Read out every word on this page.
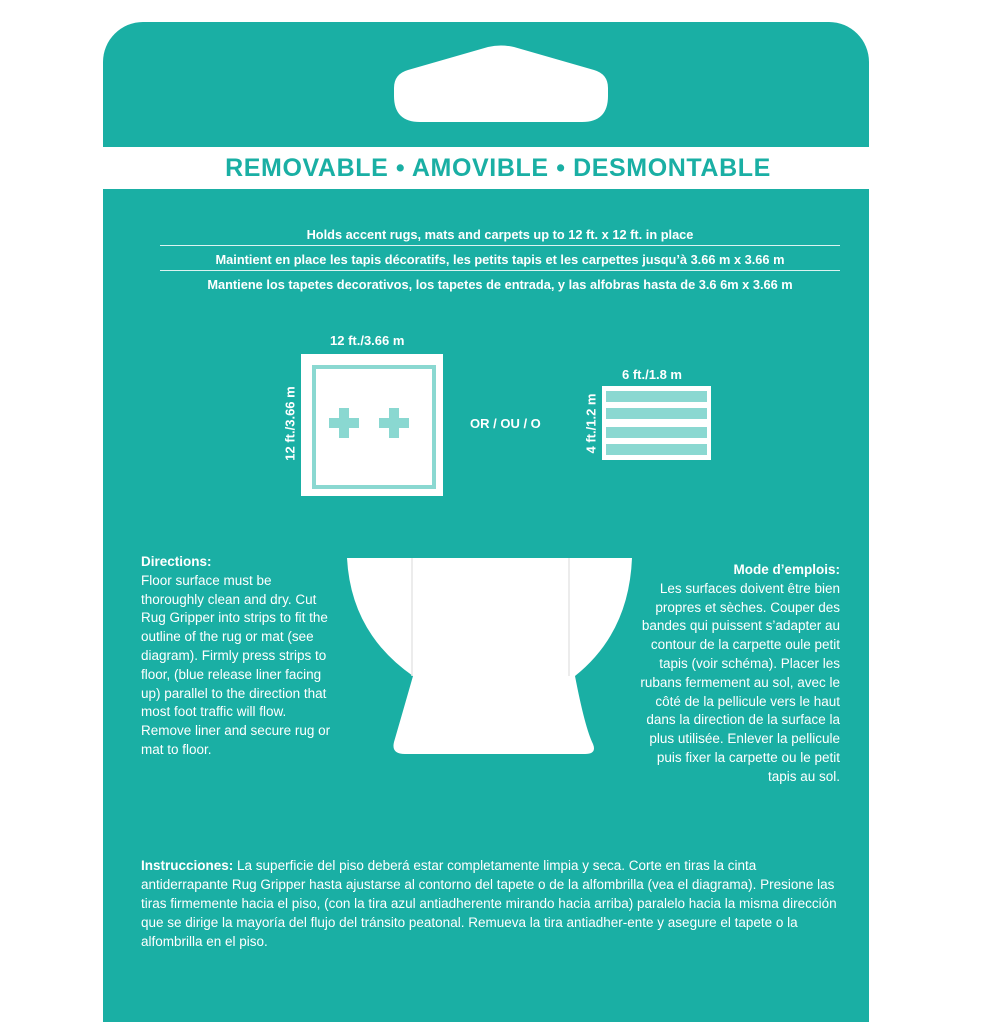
REMOVABLE • AMOVIBLE • DESMONTABLE
Holds accent rugs, mats and carpets up to 12 ft. x 12 ft. in place
Maintient en place les tapis décoratifs, les petits tapis et les carpettes jusqu’à 3.66 m x 3.66 m
Mantiene los tapetes decorativos, los tapetes de entrada, y las alfobras hasta de 3.6 6m x 3.66 m
12 ft./3.66 m
12 ft./3.66 m	OR / OU / O
6 ft./1.8 m
4 ft./1.2 m
Directions:
Floor surface must be thoroughly clean and dry. Cut Rug Gripper into strips to fit the outline of the rug or mat (see diagram). Firmly press strips to floor, (blue release liner facing up) parallel to the direction that most foot traffic will flow. Remove liner and secure rug or mat to floor.
Mode d’emplois:
Les surfaces doivent être bien propres et sèches. Couper des bandes qui puissent s’adapter au contour de la carpette oule petit tapis (voir schéma). Placer les rubans fermement au sol, avec le côté de la pellicule vers le haut dans la direction de la surface la plus utilisée. Enlever la pellicule puis fixer la carpette ou le petit tapis au sol.
Instrucciones: La superficie del piso deberá estar completamente limpia y seca. Corte en tiras la cinta antiderrapante Rug Gripper hasta ajustarse al contorno del tapete o de la alfombrilla (vea el diagrama). Presione las tiras firmemente hacia el piso, (con la tira azul antiadherente mirando hacia arriba) paralelo hacia la misma dirección que se dirige la mayoría del flujo del tránsito peatonal. Remueva la tira antiadher-ente y asegure el tapete o la alfombrilla en el piso.
